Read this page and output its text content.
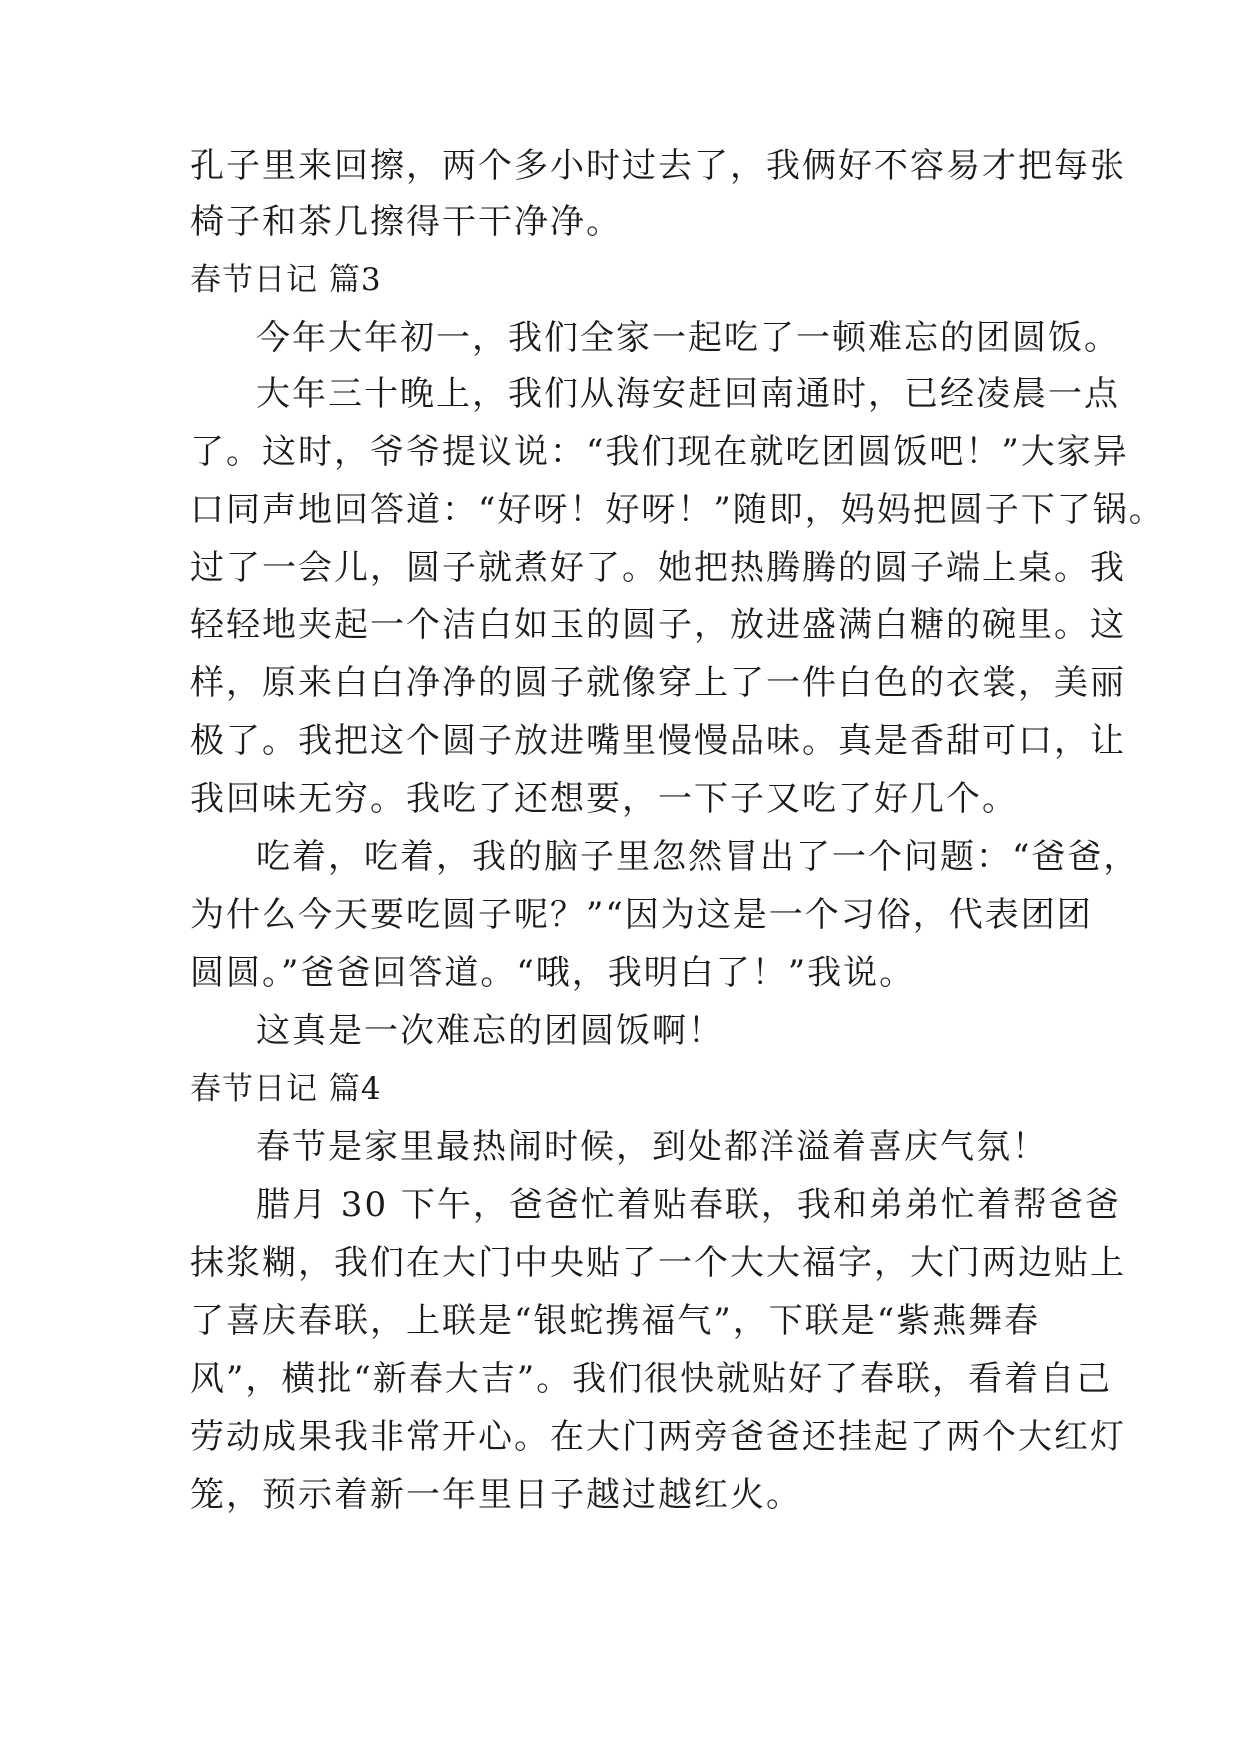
孔子里来回擦，两个多小时过去了，我俩好不容易才把每张
椅子和茶几擦得干干净净。
春节日记 篇3
今年大年初一，我们全家一起吃了一顿难忘的团圆饭。
大年三十晚上，我们从海安赶回南通时，已经凌晨一点
了。这时，爷爷提议说：“我们现在就吃团圆饭吧！”大家异
口同声地回答道：“好呀！好呀！”随即，妈妈把圆子下了锅。
过了一会儿，圆子就煮好了。她把热腾腾的圆子端上桌。我
轻轻地夹起一个洁白如玉的圆子，放进盛满白糖的碗里。这
样，原来白白净净的圆子就像穿上了一件白色的衣裳，美丽
极了。我把这个圆子放进嘴里慢慢品味。真是香甜可口，让
我回味无穷。我吃了还想要，一下子又吃了好几个。
吃着，吃着，我的脑子里忽然冒出了一个问题：“爸爸，
为什么今天要吃圆子呢？”“因为这是一个习俗，代表团团
圆圆。”爸爸回答道。“哦，我明白了！”我说。
这真是一次难忘的团圆饭啊！
春节日记 篇4
春节是家里最热闹时候，到处都洋溢着喜庆气氛！
腊月 30 下午，爸爸忙着贴春联，我和弟弟忙着帮爸爸
抹浆糊，我们在大门中央贴了一个大大福字，大门两边贴上
了喜庆春联，上联是“银蛇携福气”，下联是“紫燕舞春
风”，横批“新春大吉”。我们很快就贴好了春联，看着自己
劳动成果我非常开心。在大门两旁爸爸还挂起了两个大红灯
笼，预示着新一年里日子越过越红火。
